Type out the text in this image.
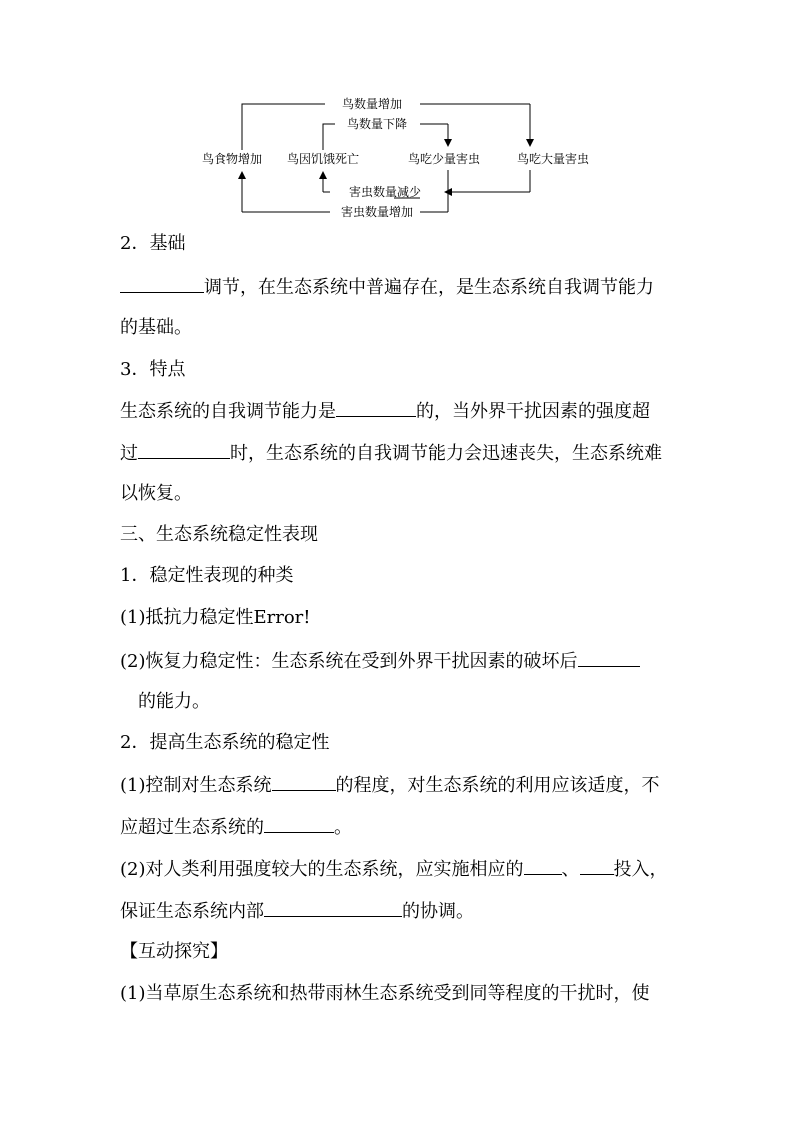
鸟数量增加
鸟数量下降
鸟食物增加 鸟因饥饿死亡	鸟吃少量害虫	鸟吃大量害虫
害虫数量减少
害虫数量增加
2．基础
调节，在生态系统中普遍存在，是生态系统自我调节能力
的基础。
3．特点
生态系统的自我调节能力是	的，当外界干扰因素的强度超
过	时，生态系统的自我调节能力会迅速丧失，生态系统难
以恢复。
三、生态系统稳定性表现
1．稳定性表现的种类
(1)抵抗力稳定性Error!
(2)恢复力稳定性：生态系统在受到外界干扰因素的破坏后
的能力。
2．提高生态系统的稳定性
(1)控制对生态系统	的程度，对生态系统的利用应该适度，不
应超过生态系统的	。
(2)对人类利用强度较大的生态系统，应实施相应的 、 投入，
保证生态系统内部	的协调。
【互动探究】
(1)当草原生态系统和热带雨林生态系统受到同等程度的干扰时，使
